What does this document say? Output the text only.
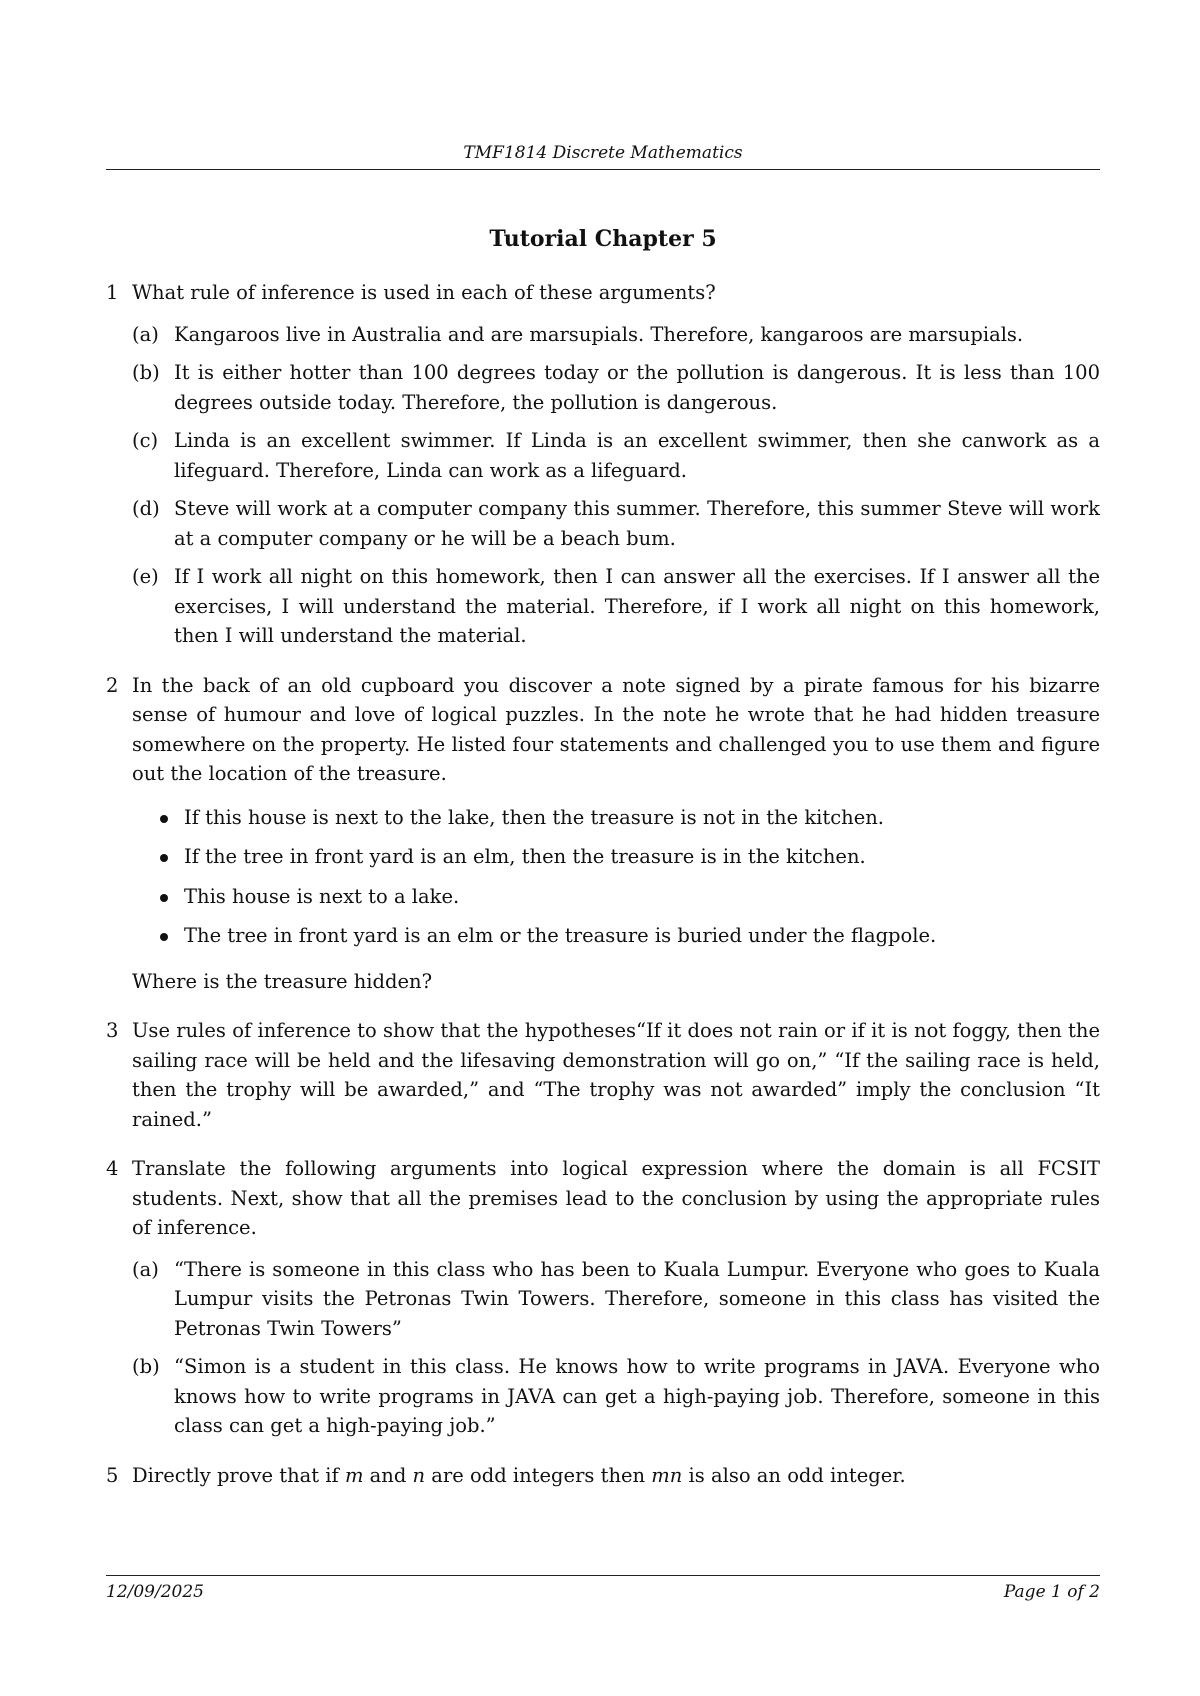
TMF1814 Discrete Mathematics
Tutorial Chapter 5
1 What rule of inference is used in each of these arguments?
(a) Kangaroos live in Australia and are marsupials. Therefore, kangaroos are marsupials.
(b) It is either hotter than 100 degrees today or the pollution is dangerous. It is less than 100 degrees outside today. Therefore, the pollution is dangerous.
(c) Linda is an excellent swimmer. If Linda is an excellent swimmer, then she canwork as a lifeguard. Therefore, Linda can work as a lifeguard.
(d) Steve will work at a computer company this summer. Therefore, this summer Steve will work at a computer company or he will be a beach bum.
(e) If I work all night on this homework, then I can answer all the exercises. If I answer all the exercises, I will understand the material. Therefore, if I work all night on this homework, then I will understand the material.
2 In the back of an old cupboard you discover a note signed by a pirate famous for his bizarre sense of humour and love of logical puzzles. In the note he wrote that he had hidden treasure somewhere on the property. He listed four statements and challenged you to use them and figure out the location of the treasure.
If this house is next to the lake, then the treasure is not in the kitchen.
If the tree in front yard is an elm, then the treasure is in the kitchen.
This house is next to a lake.
The tree in front yard is an elm or the treasure is buried under the flagpole.
Where is the treasure hidden?
3 Use rules of inference to show that the hypotheses“If it does not rain or if it is not foggy, then the sailing race will be held and the lifesaving demonstration will go on,” “If the sailing race is held, then the trophy will be awarded,” and “The trophy was not awarded” imply the conclusion “It rained.”
4 Translate the following arguments into logical expression where the domain is all FCSIT students. Next, show that all the premises lead to the conclusion by using the appropriate rules of inference.
(a) “There is someone in this class who has been to Kuala Lumpur. Everyone who goes to Kuala Lumpur visits the Petronas Twin Towers. Therefore, someone in this class has visited the Petronas Twin Towers”
(b) “Simon is a student in this class. He knows how to write programs in JAVA. Everyone who knows how to write programs in JAVA can get a high-paying job. Therefore, someone in this class can get a high-paying job.”
5 Directly prove that if m and n are odd integers then mn is also an odd integer.
12/09/2025	Page 1 of 2
